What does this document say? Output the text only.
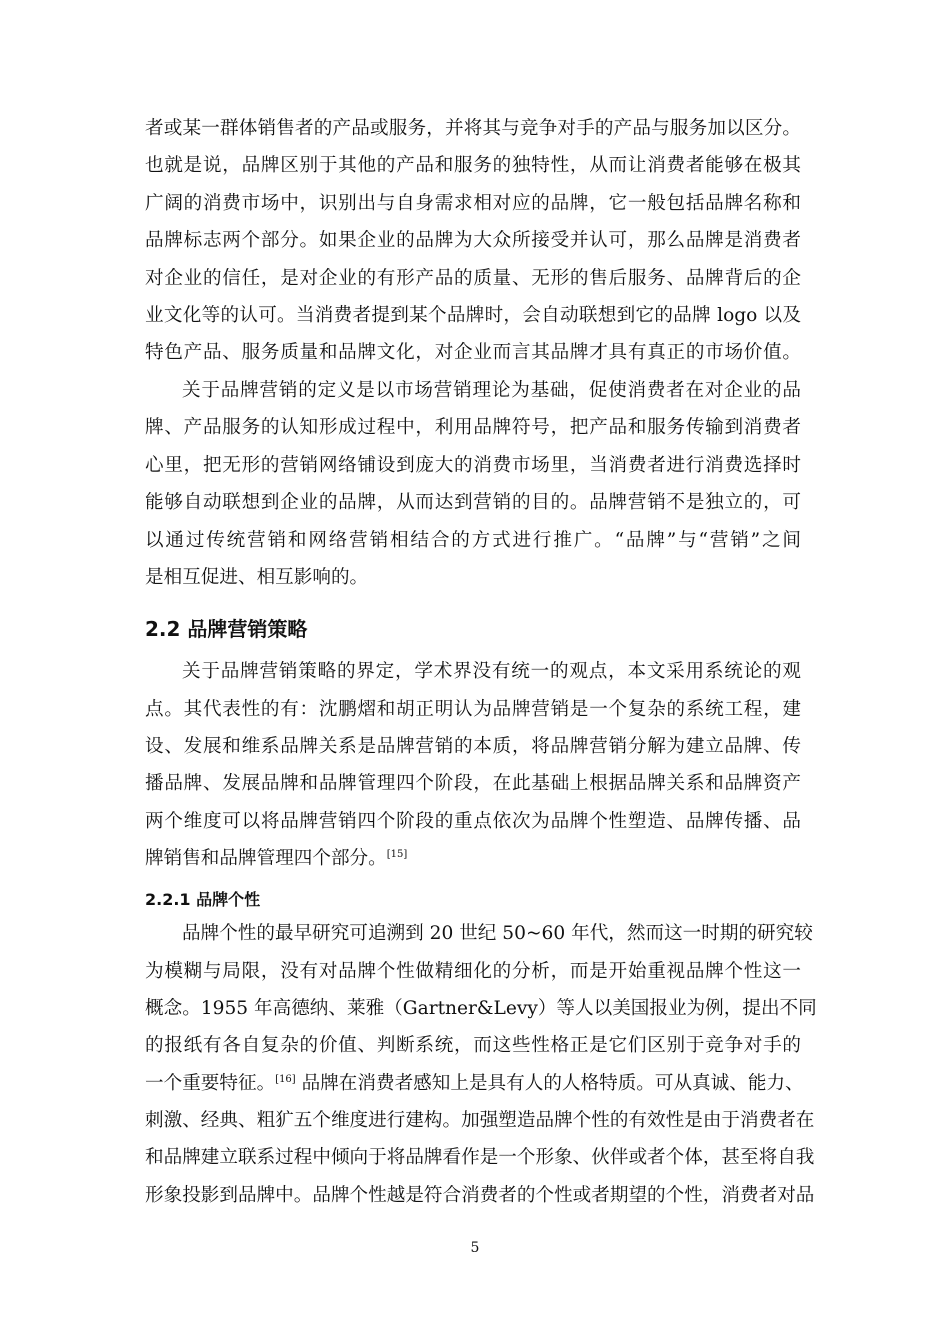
者或某一群体销售者的产品或服务，并将其与竞争对手的产品与服务加以区分。
也就是说，品牌区别于其他的产品和服务的独特性，从而让消费者能够在极其
广阔的消费市场中，识别出与自身需求相对应的品牌，它一般包括品牌名称和
品牌标志两个部分。如果企业的品牌为大众所接受并认可，那么品牌是消费者
对企业的信任，是对企业的有形产品的质量、无形的售后服务、品牌背后的企
业文化等的认可。当消费者提到某个品牌时，会自动联想到它的品牌 logo 以及
特色产品、服务质量和品牌文化，对企业而言其品牌才具有真正的市场价值。
关于品牌营销的定义是以市场营销理论为基础，促使消费者在对企业的品
牌、产品服务的认知形成过程中，利用品牌符号，把产品和服务传输到消费者
心里，把无形的营销网络铺设到庞大的消费市场里，当消费者进行消费选择时
能够自动联想到企业的品牌，从而达到营销的目的。品牌营销不是独立的，可
以通过传统营销和网络营销相结合的方式进行推广。“品牌”与“营销”之间
是相互促进、相互影响的。
2.2 品牌营销策略
关于品牌营销策略的界定，学术界没有统一的观点，本文采用系统论的观
点。其代表性的有：沈鹏熠和胡正明认为品牌营销是一个复杂的系统工程，建
设、发展和维系品牌关系是品牌营销的本质，将品牌营销分解为建立品牌、传
播品牌、发展品牌和品牌管理四个阶段，在此基础上根据品牌关系和品牌资产
两个维度可以将品牌营销四个阶段的重点依次为品牌个性塑造、品牌传播、品
牌销售和品牌管理四个部分。[15]
2.2.1 品牌个性
品牌个性的最早研究可追溯到 20 世纪 50~60 年代，然而这一时期的研究较
为模糊与局限，没有对品牌个性做精细化的分析，而是开始重视品牌个性这一
概念。1955 年高德纳、莱雅（Gartner&Levy）等人以美国报业为例，提出不同
的报纸有各自复杂的价值、判断系统，而这些性格正是它们区别于竞争对手的
一个重要特征。[16] 品牌在消费者感知上是具有人的人格特质。可从真诚、能力、
刺激、经典、粗犷五个维度进行建构。加强塑造品牌个性的有效性是由于消费者在
和品牌建立联系过程中倾向于将品牌看作是一个形象、伙伴或者个体，甚至将自我
形象投影到品牌中。品牌个性越是符合消费者的个性或者期望的个性，消费者对品
5
